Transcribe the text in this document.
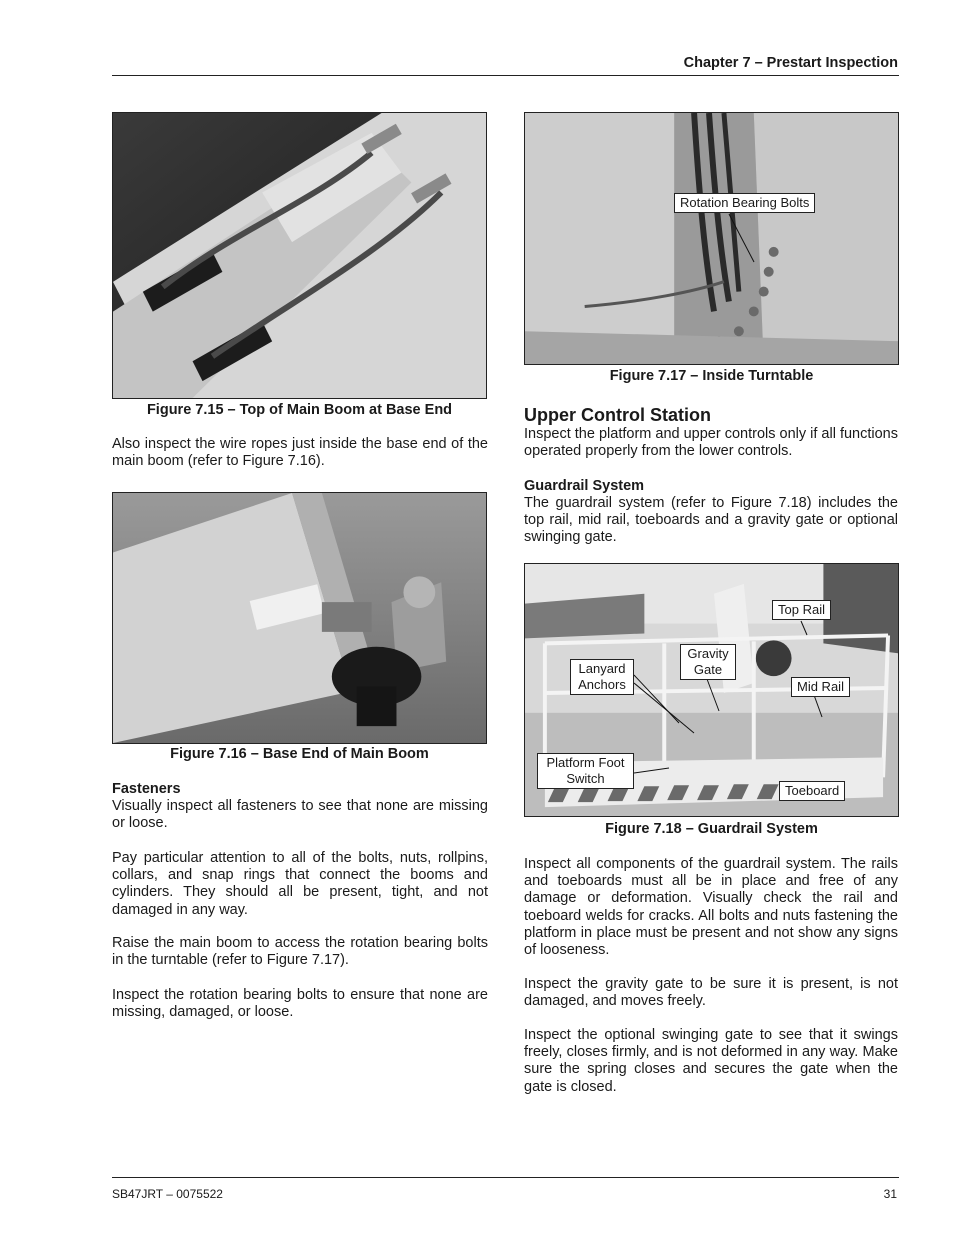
Chapter 7 – Prestart Inspection
Figure 7.15 – Top of Main Boom at Base End

Also inspect the wire ropes just inside the base end of the main boom (refer to Figure 7.16).

Figure 7.16 – Base End of Main Boom
Fasteners

Visually inspect all fasteners to see that none are missing or loose.

Pay particular attention to all of the bolts, nuts, rollpins, collars, and snap rings that connect the booms and cylinders. They should all be present, tight, and not damaged in any way.

Raise the main boom to access the rotation bearing bolts in the turntable (refer to Figure 7.17).

Inspect the rotation bearing bolts to ensure that none are missing, damaged, or loose.

Rotation Bearing Bolts
Figure 7.17 – Inside Turntable
Upper Control Station

Inspect the platform and upper controls only if all functions operated properly from the lower controls.

Guardrail System

The guardrail system (refer to Figure 7.18) includes the top rail, mid rail, toeboards and a gravity gate or optional swinging gate.

Top Rail
Gravity Gate
Lanyard Anchors	Mid Rail
Platform Foot Switch
Toeboard
Figure 7.18 – Guardrail System

Inspect all components of the guardrail system. The rails and toeboards must all be in place and free of any damage or deformation. Visually check the rail and toeboard welds for cracks. All bolts and nuts fastening the platform in place must be present and not show any signs of looseness.

Inspect the gravity gate to be sure it is present, is not damaged, and moves freely.

Inspect the optional swinging gate to see that it swings freely, closes firmly, and is not deformed in any way. Make sure the spring closes and secures the gate when the gate is closed.

SB47JRT – 0075522	31
